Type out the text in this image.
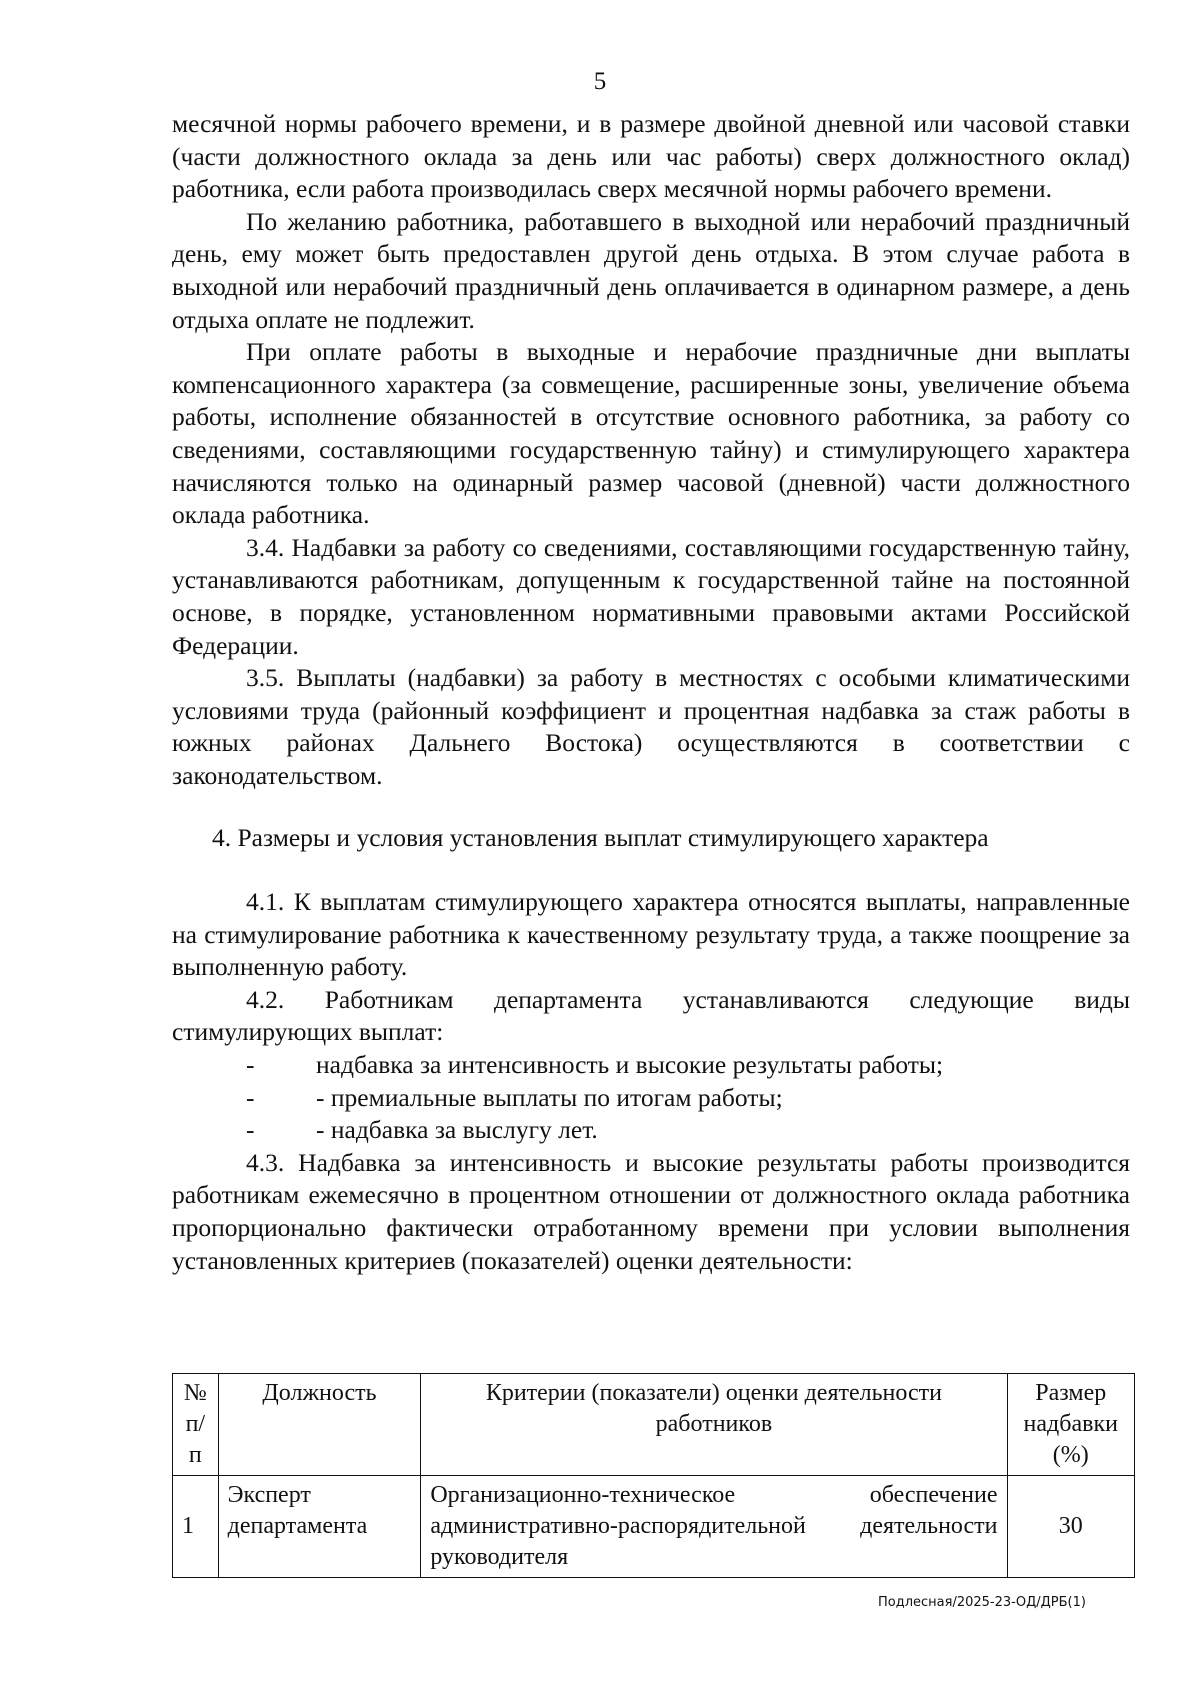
5

месячной нормы рабочего времени, и в размере двойной дневной или часовой ставки (части должностного оклада за день или час работы) сверх должностного оклад) работника, если работа производилась сверх месячной нормы рабочего времени.

По желанию работника, работавшего в выходной или нерабочий праздничный день, ему может быть предоставлен другой день отдыха. В этом случае работа в выходной или нерабочий праздничный день оплачивается в одинарном размере, а день отдыха оплате не подлежит.

При оплате работы в выходные и нерабочие праздничные дни выплаты компенсационного характера (за совмещение, расширенные зоны, увеличение объема работы, исполнение обязанностей в отсутствие основного работника, за работу со сведениями, составляющими государственную тайну) и стимулирующего характера начисляются только на одинарный размер часовой (дневной) части должностного оклада работника.

3.4. Надбавки за работу со сведениями, составляющими государственную тайну, устанавливаются работникам, допущенным к государственной тайне на постоянной основе, в порядке, установленном нормативными правовыми актами Российской Федерации.

3.5. Выплаты (надбавки) за работу в местностях с особыми климатическими условиями труда (районный коэффициент и процентная надбавка за стаж работы в южных районах Дальнего Востока) осуществляются в соответствии с законодательством.

4. Размеры и условия установления выплат стимулирующего характера

4.1. К выплатам стимулирующего характера относятся выплаты, направленные на стимулирование работника к качественному результату труда, а также поощрение за выполненную работу.

4.2. Работникам департамента устанавливаются следующие виды стимулирующих выплат:

- надбавка за интенсивность и высокие результаты работы;

- - премиальные выплаты по итогам работы;

- - надбавка за выслугу лет.

4.3. Надбавка за интенсивность и высокие результаты работы производится работникам ежемесячно в процентном отношении от должностного оклада работника пропорционально фактически отработанному времени при условии выполнения установленных критериев (показателей) оценки деятельности:

№ п/п	Должность	Критерии (показатели) оценки деятельности работников	Размер надбавки (%)
1	Эксперт департамента	Организационно-техническое обеспечение административно-распорядительной деятельности руководителя	30
Подлесная/2025-23-ОД/ДРБ(1)
